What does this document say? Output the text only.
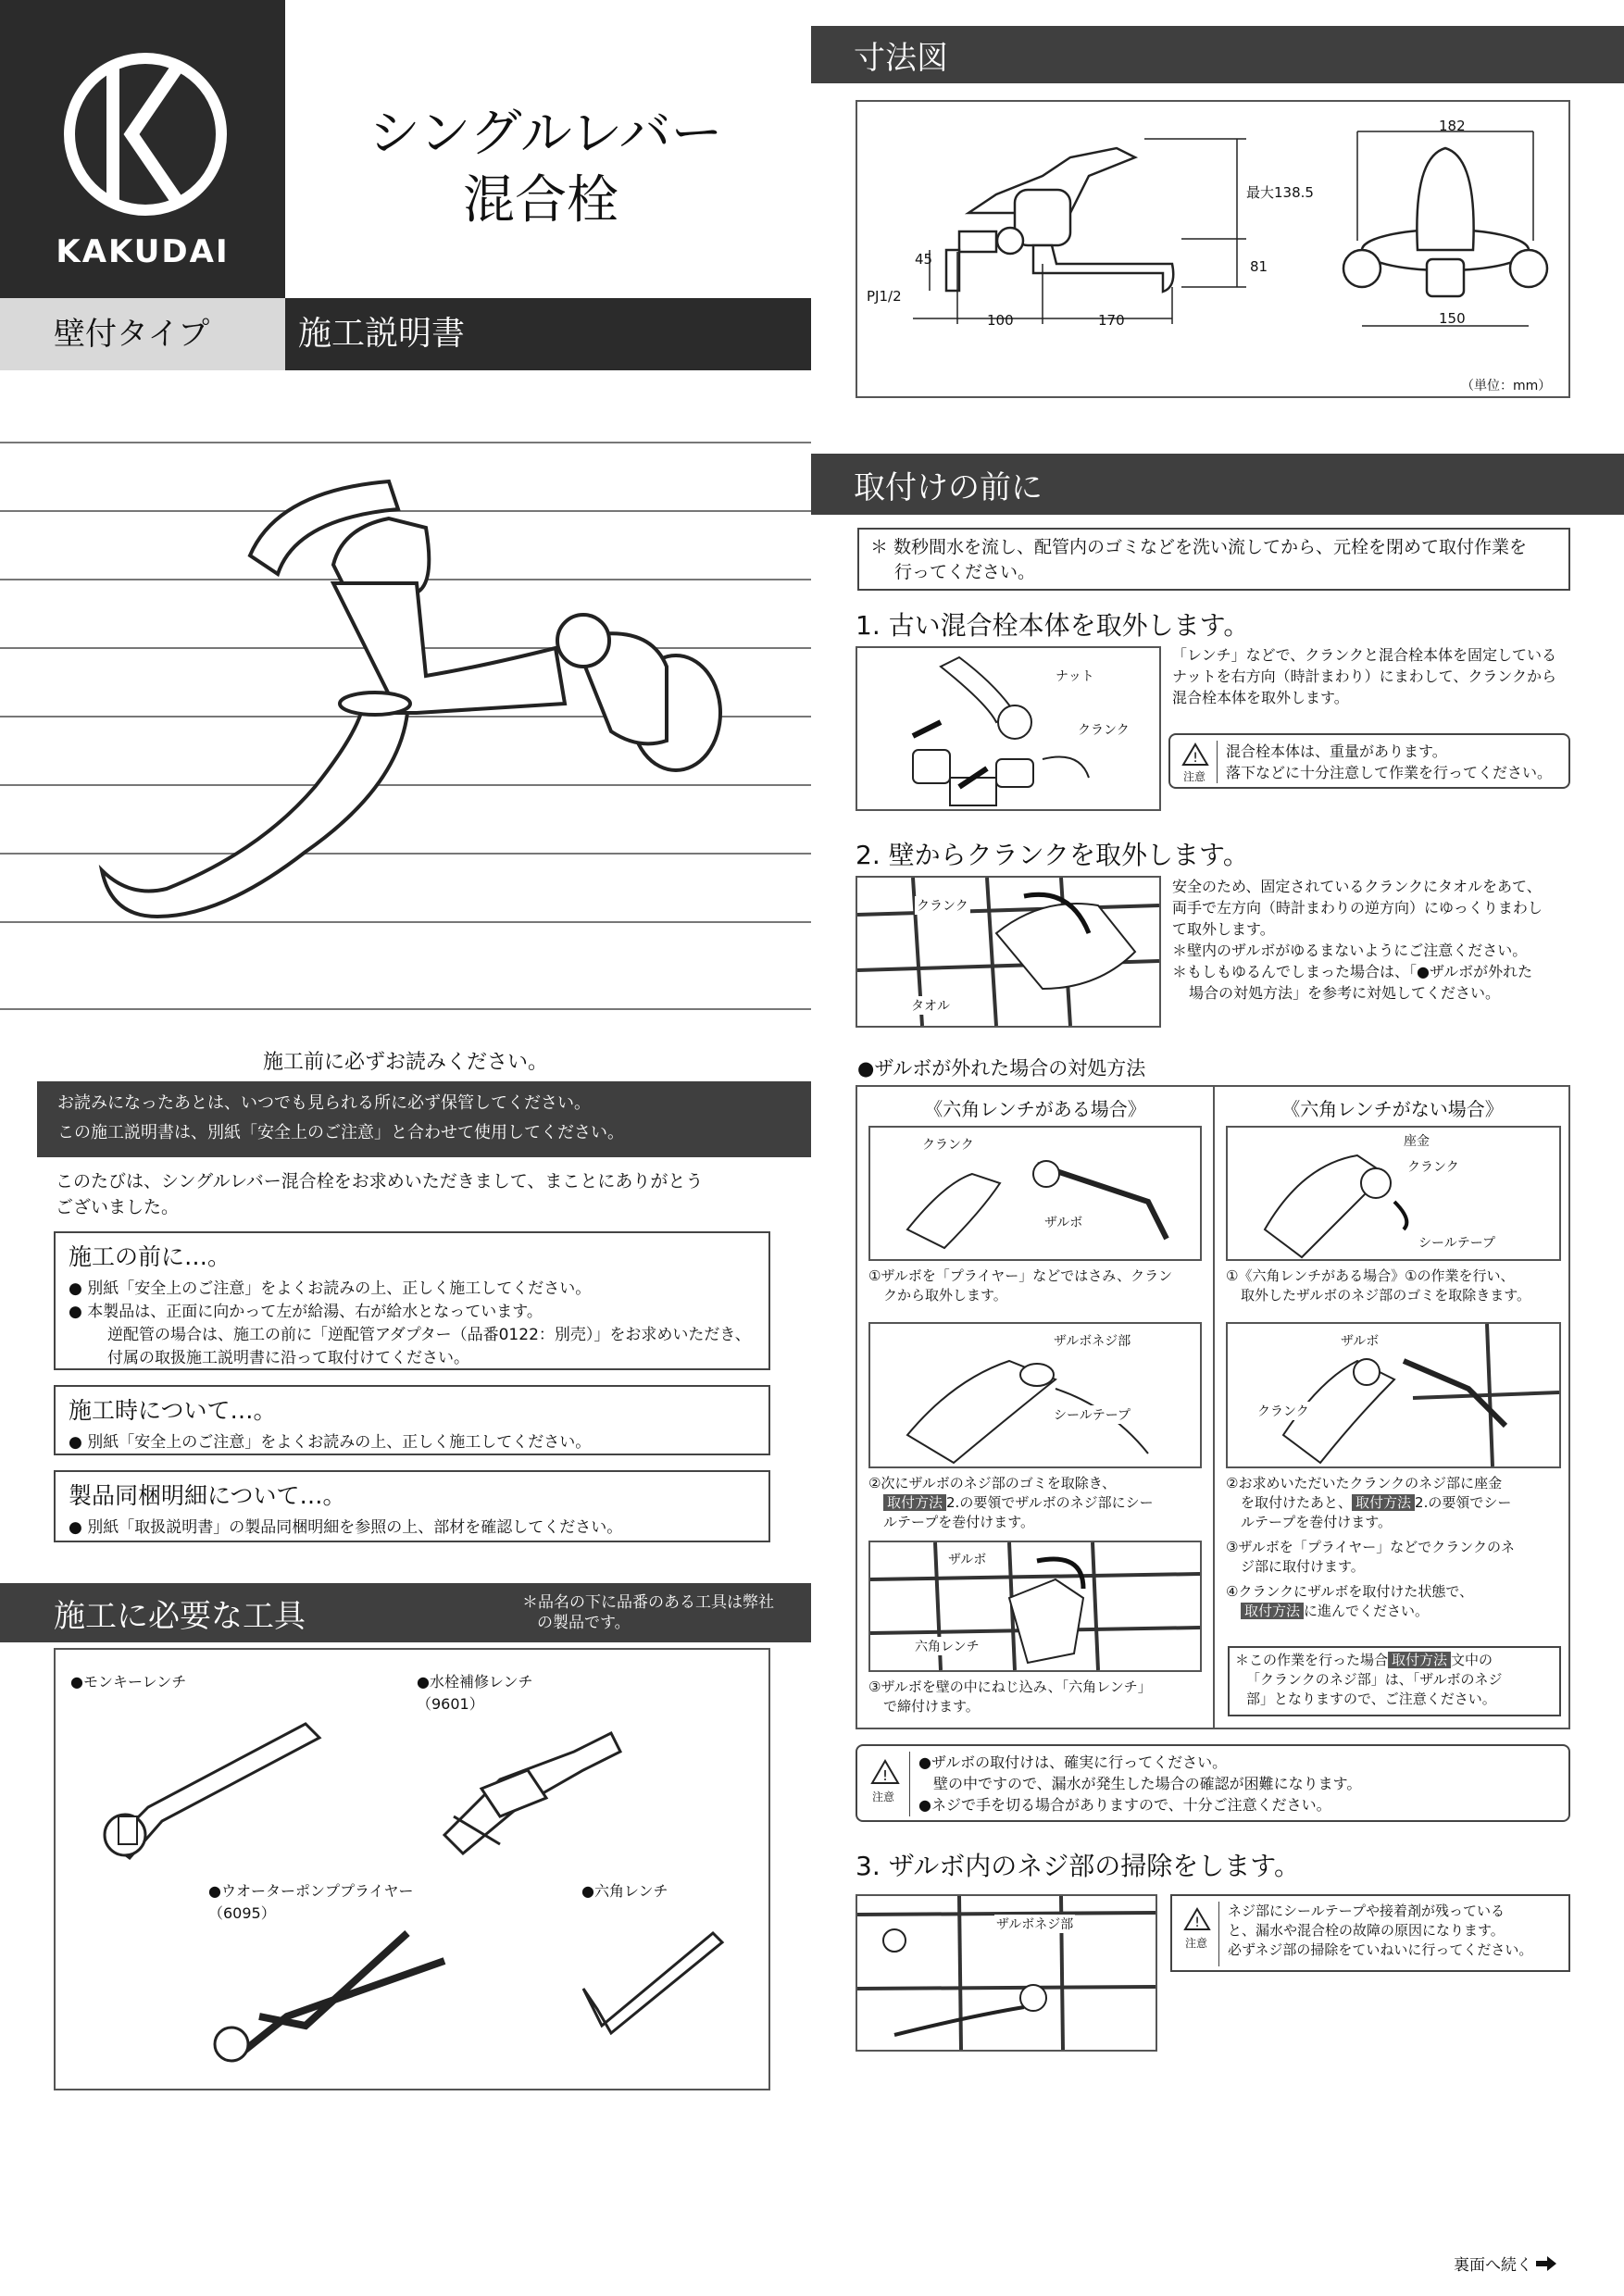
KAKUDAI
シングルレバー
混合栓
壁付タイプ	施工説明書
施工前に必ずお読みください。
お読みになったあとは、いつでも見られる所に必ず保管してください。
この施工説明書は、別紙「安全上のご注意」と合わせて使用してください。
このたびは、シングルレバー混合栓をお求めいただきまして、まことにありがとう
ございました。
施工の前に…。
● 別紙「安全上のご注意」をよくお読みの上、正しく施工してください。
● 本製品は、正面に向かって左が給湯、右が給水となっています。
逆配管の場合は、施工の前に「逆配管アダプター（品番0122：別売）」をお求めいただき、
付属の取扱施工説明書に沿って取付けてください。
施工時について…。
● 別紙「安全上のご注意」をよくお読みの上、正しく施工してください。
製品同梱明細について…。
● 別紙「取扱説明書」の製品同梱明細を参照の上、部材を確認してください。
施工に必要な工具	＊品名の下に品番のある工具は弊社
の製品です。
●モンキーレンチ	●水栓補修レンチ
（9601）
●ウオーターポンププライヤー
（6095）
●六角レンチ
寸法図
最大138.5
81
45
PJ1/2
100	170
182
150
（単位：mm）
取付けの前に
＊ 数秒間水を流し、配管内のゴミなどを洗い流してから、元栓を閉めて取付作業を
行ってください。
1. 古い混合栓本体を取外します。
ナット
クランク
「レンチ」などで、クランクと混合栓本体を固定している
ナットを右方向（時計まわり）にまわして、クランクから
混合栓本体を取外します。
!
注意
混合栓本体は、重量があります。
落下などに十分注意して作業を行ってください。
2. 壁からクランクを取外します。
クランク
タオル
安全のため、固定されているクランクにタオルをあて、
両手で左方向（時計まわりの逆方向）にゆっくりまわし
て取外します。
＊壁内のザルボがゆるまないようにご注意ください。
＊もしもゆるんでしまった場合は、「●ザルボが外れた
場合の対処方法」を参考に対処してください。
●ザルボが外れた場合の対処方法
《六角レンチがある場合》	《六角レンチがない場合》
クランク
ザルボ
①ザルボを「プライヤー」などではさみ、クラン
クから取外します。
ザルボネジ部
シールテープ
②次にザルボのネジ部のゴミを取除き、
取付方法 2.の要領でザルボのネジ部にシー
ルテープを巻付けます。
ザルボ
六角レンチ
③ザルボを壁の中にねじ込み、「六角レンチ」
で締付けます。
座金
クランク
シールテープ
①《六角レンチがある場合》①の作業を行い、
取外したザルボのネジ部のゴミを取除きます。
ザルボ
クランク
②お求めいただいたクランクのネジ部に座金
を取付けたあと、 取付方法 2.の要領でシー
ルテープを巻付けます。
③ザルボを「プライヤー」などでクランクのネ
ジ部に取付けます。
④クランクにザルボを取付けた状態で、
取付方法 に進んでください。
＊この作業を行った場合 取付方法 文中の
「クランクのネジ部」は、「ザルボのネジ
部」となりますので、ご注意ください。
!
注意
●ザルボの取付けは、確実に行ってください。
壁の中ですので、漏水が発生した場合の確認が困難になります。
●ネジで手を切る場合がありますので、十分ご注意ください。
3. ザルボ内のネジ部の掃除をします。
ザルボネジ部	!
注意
ネジ部にシールテープや接着剤が残っている
と、漏水や混合栓の故障の原因になります。
必ずネジ部の掃除をていねいに行ってください。
裏面へ続く
